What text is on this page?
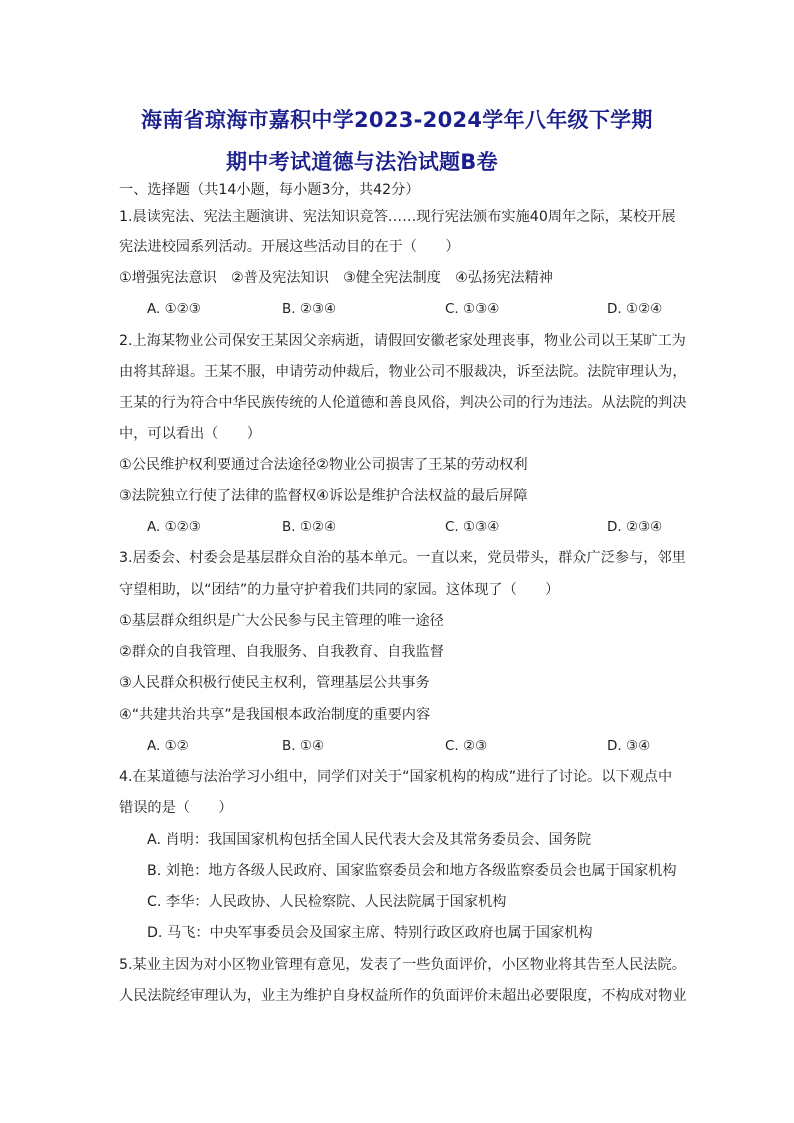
海南省琼海市嘉积中学2023-2024学年八年级下学期
期中考试道德与法治试题B卷
一、选择题（共14小题，每小题3分，共42分）
1.晨读宪法、宪法主题演讲、宪法知识竞答……现行宪法颁布实施40周年之际，某校开展
宪法进校园系列活动。开展这些活动目的在于（　　）
①增强宪法意识　②普及宪法知识　③健全宪法制度　④弘扬宪法精神
A. ①②③	B. ②③④	C. ①③④	D. ①②④
2.上海某物业公司保安王某因父亲病逝，请假回安徽老家处理丧事，物业公司以王某旷工为
由将其辞退。王某不服，申请劳动仲裁后，物业公司不服裁决，诉至法院。法院审理认为，
王某的行为符合中华民族传统的人伦道德和善良风俗，判决公司的行为违法。从法院的判决
中，可以看出（　　）
①公民维护权利要通过合法途径②物业公司损害了王某的劳动权利
③法院独立行使了法律的监督权④诉讼是维护合法权益的最后屏障
A. ①②③	B. ①②④	C. ①③④	D. ②③④
3.居委会、村委会是基层群众自治的基本单元。一直以来，党员带头，群众广泛参与，邻里
守望相助，以“团结”的力量守护着我们共同的家园。这体现了（　　）
①基层群众组织是广大公民参与民主管理的唯一途径
②群众的自我管理、自我服务、自我教育、自我监督
③人民群众积极行使民主权利，管理基层公共事务
④“共建共治共享”是我国根本政治制度的重要内容
A. ①②	B. ①④	C. ②③	D. ③④
4.在某道德与法治学习小组中，同学们对关于“国家机构的构成”进行了讨论。以下观点中
错误的是（　　）
A. 肖明：我国国家机构包括全国人民代表大会及其常务委员会、国务院
B. 刘艳：地方各级人民政府、国家监察委员会和地方各级监察委员会也属于国家机构
C. 李华：人民政协、人民检察院、人民法院属于国家机构
D. 马飞：中央军事委员会及国家主席、特别行政区政府也属于国家机构
5.某业主因为对小区物业管理有意见，发表了一些负面评价，小区物业将其告至人民法院。
人民法院经审理认为，业主为维护自身权益所作的负面评价未超出必要限度，不构成对物业
